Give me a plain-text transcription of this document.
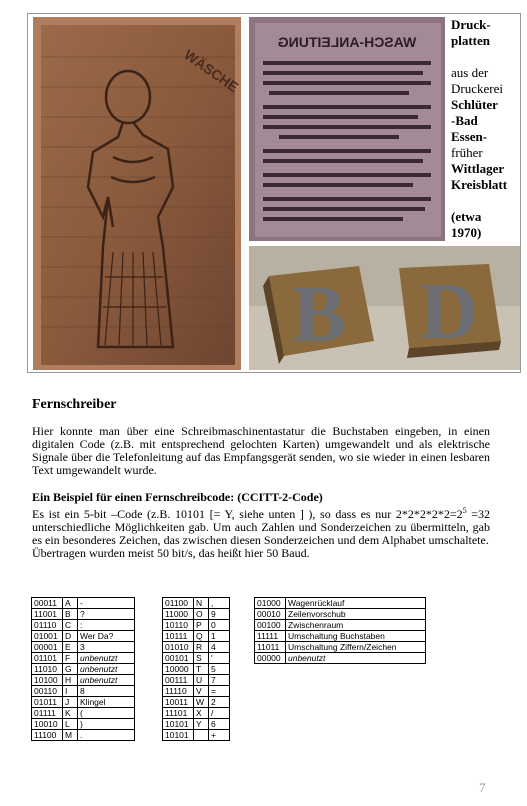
WÄSCHE
WASCH-ANLEITUNG
Druck-
platten

aus der
Druckerei
Schlüter
-Bad
Essen-
früher
Wittlager
Kreisblatt

(etwa
1970)
B D

Fernschreiber

Hier konnte man über eine Schreibmaschinentastatur die Buchstaben eingeben, in einen digitalen Code (z.B. mit entsprechend gelochten Karten) umgewandelt und als elektrische Signale über die Telefonleitung auf das Empfangsgerät senden, wo sie wieder in einen lesbaren Text umgewandelt wurde.

Ein Beispiel für einen Fernschreibcode: (CCITT-2-Code)

Es ist ein 5-bit –Code (z.B. 10101 [= Y, siehe unten ] ), so dass es nur $2*2*2*2*2=2^5 =32$ unterschiedliche Möglichkeiten gab. Um auch Zahlen und Sonderzeichen zu übermitteln, gab es ein besonderes Zeichen, das zwischen diesen Sonderzeichen und dem Alphabet umschaltete.

Übertragen wurden meist 50 bit/s, das heißt hier 50 Baud.

00011	A	-
11001	B	?
01110	C	:
01001	D	Wer Da?
00001	E	3
01101	F	unbenutzt
11010	G	unbenutzt
10100	H	unbenutzt
00110	I	8
01011	J	Klingel
01111	K	(
10010	L	)
11100	M	.
01100	N	,
11000	O	9
10110	P	0
10111	Q	1
01010	R	4
00101	S	'
10000	T	5
00111	U	7
11110	V	=
10011	W	2
11101	X	/
10101	Y	6
10101		+
01000	Wagenrücklauf
00010	Zeilenvorschub
00100	Zwischenraum
11111	Umschaltung Buchstaben
11011	Umschaltung Ziffern/Zeichen
00000	unbenutzt
7
